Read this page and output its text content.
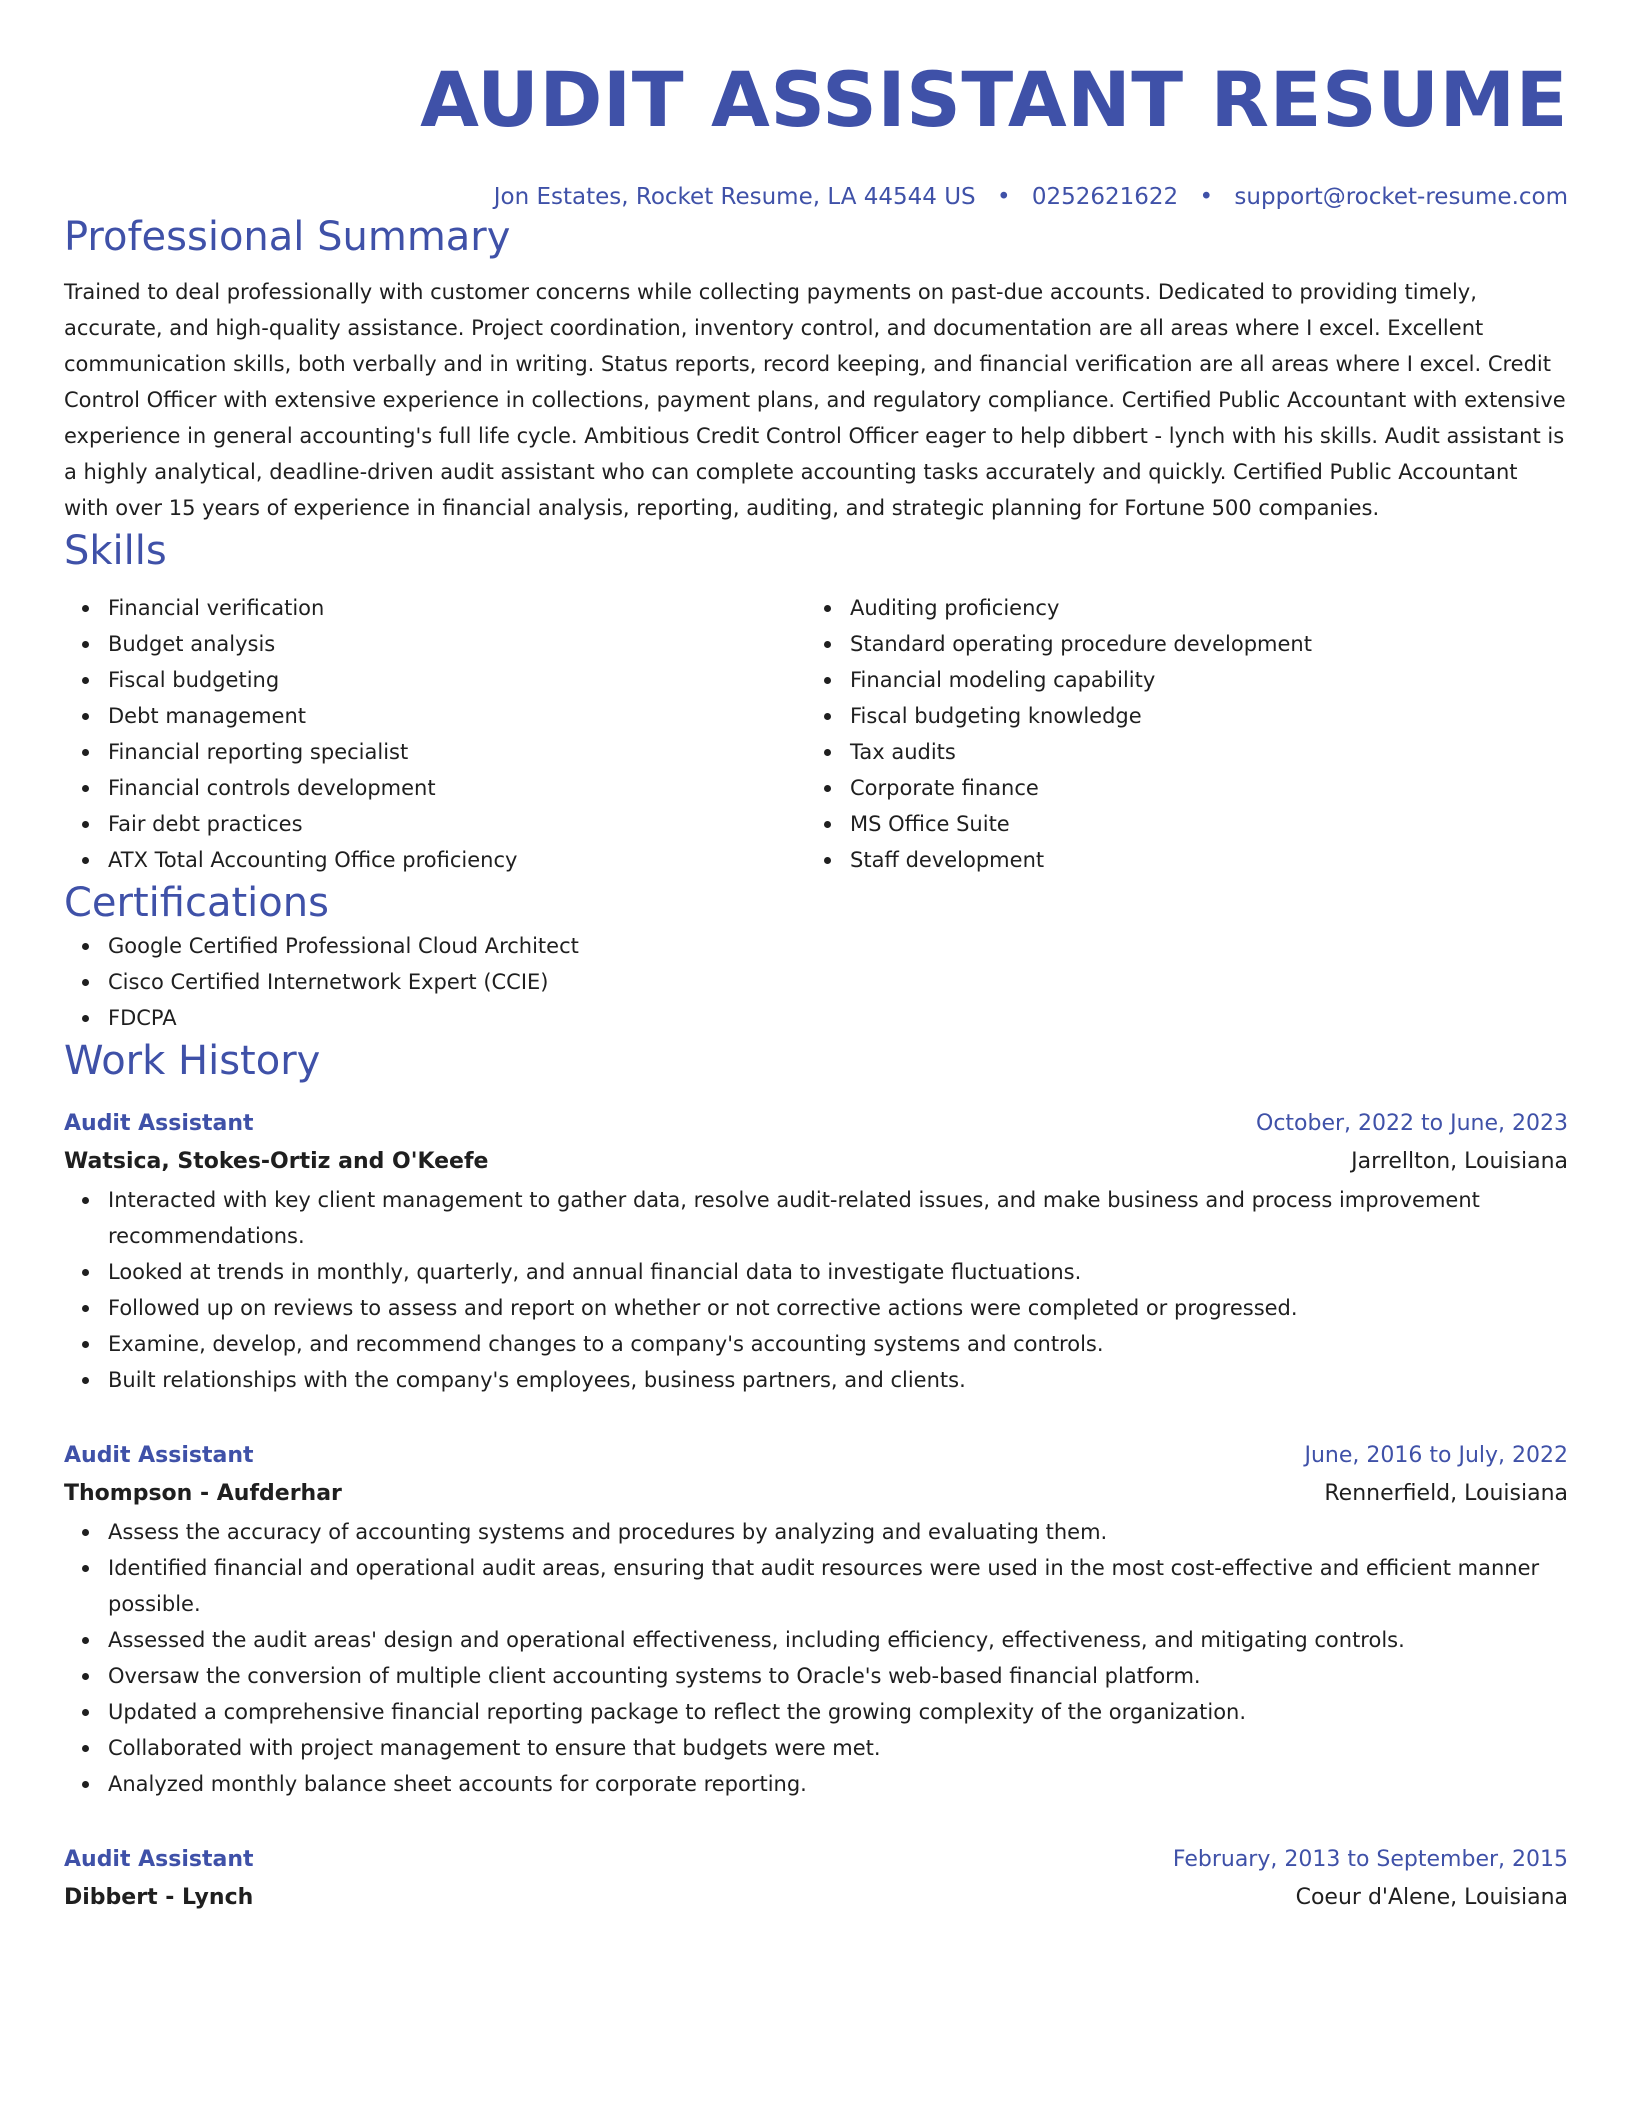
AUDIT ASSISTANT RESUME
Jon Estates, Rocket Resume, LA 44544 US • 0252621622 • support@rocket-resume.com
Professional Summary
Trained to deal professionally with customer concerns while collecting payments on past-due accounts. Dedicated to providing timely, accurate, and high-quality assistance. Project coordination, inventory control, and documentation are all areas where I excel. Excellent communication skills, both verbally and in writing. Status reports, record keeping, and financial verification are all areas where I excel. Credit Control Officer with extensive experience in collections, payment plans, and regulatory compliance. Certified Public Accountant with extensive experience in general accounting's full life cycle. Ambitious Credit Control Officer eager to help dibbert - lynch with his skills. Audit assistant is a highly analytical, deadline-driven audit assistant who can complete accounting tasks accurately and quickly. Certified Public Accountant with over 15 years of experience in financial analysis, reporting, auditing, and strategic planning for Fortune 500 companies.
Skills
Financial verification
Budget analysis
Fiscal budgeting
Debt management
Financial reporting specialist
Financial controls development
Fair debt practices
ATX Total Accounting Office proficiency
Auditing proficiency
Standard operating procedure development
Financial modeling capability
Fiscal budgeting knowledge
Tax audits
Corporate finance
MS Office Suite
Staff development
Certifications
Google Certified Professional Cloud Architect
Cisco Certified Internetwork Expert (CCIE)
FDCPA
Work History
Audit Assistant	October, 2022 to June, 2023
Watsica, Stokes-Ortiz and O'Keefe	Jarrellton, Louisiana
Interacted with key client management to gather data, resolve audit-related issues, and make business and process improvement recommendations.
Looked at trends in monthly, quarterly, and annual financial data to investigate fluctuations.
Followed up on reviews to assess and report on whether or not corrective actions were completed or progressed.
Examine, develop, and recommend changes to a company's accounting systems and controls.
Built relationships with the company's employees, business partners, and clients.
Audit Assistant	June, 2016 to July, 2022
Thompson - Aufderhar	Rennerfield, Louisiana
Assess the accuracy of accounting systems and procedures by analyzing and evaluating them.
Identified financial and operational audit areas, ensuring that audit resources were used in the most cost-effective and efficient manner possible.
Assessed the audit areas' design and operational effectiveness, including efficiency, effectiveness, and mitigating controls.
Oversaw the conversion of multiple client accounting systems to Oracle's web-based financial platform.
Updated a comprehensive financial reporting package to reflect the growing complexity of the organization.
Collaborated with project management to ensure that budgets were met.
Analyzed monthly balance sheet accounts for corporate reporting.
Audit Assistant	February, 2013 to September, 2015
Dibbert - Lynch	Coeur d'Alene, Louisiana
